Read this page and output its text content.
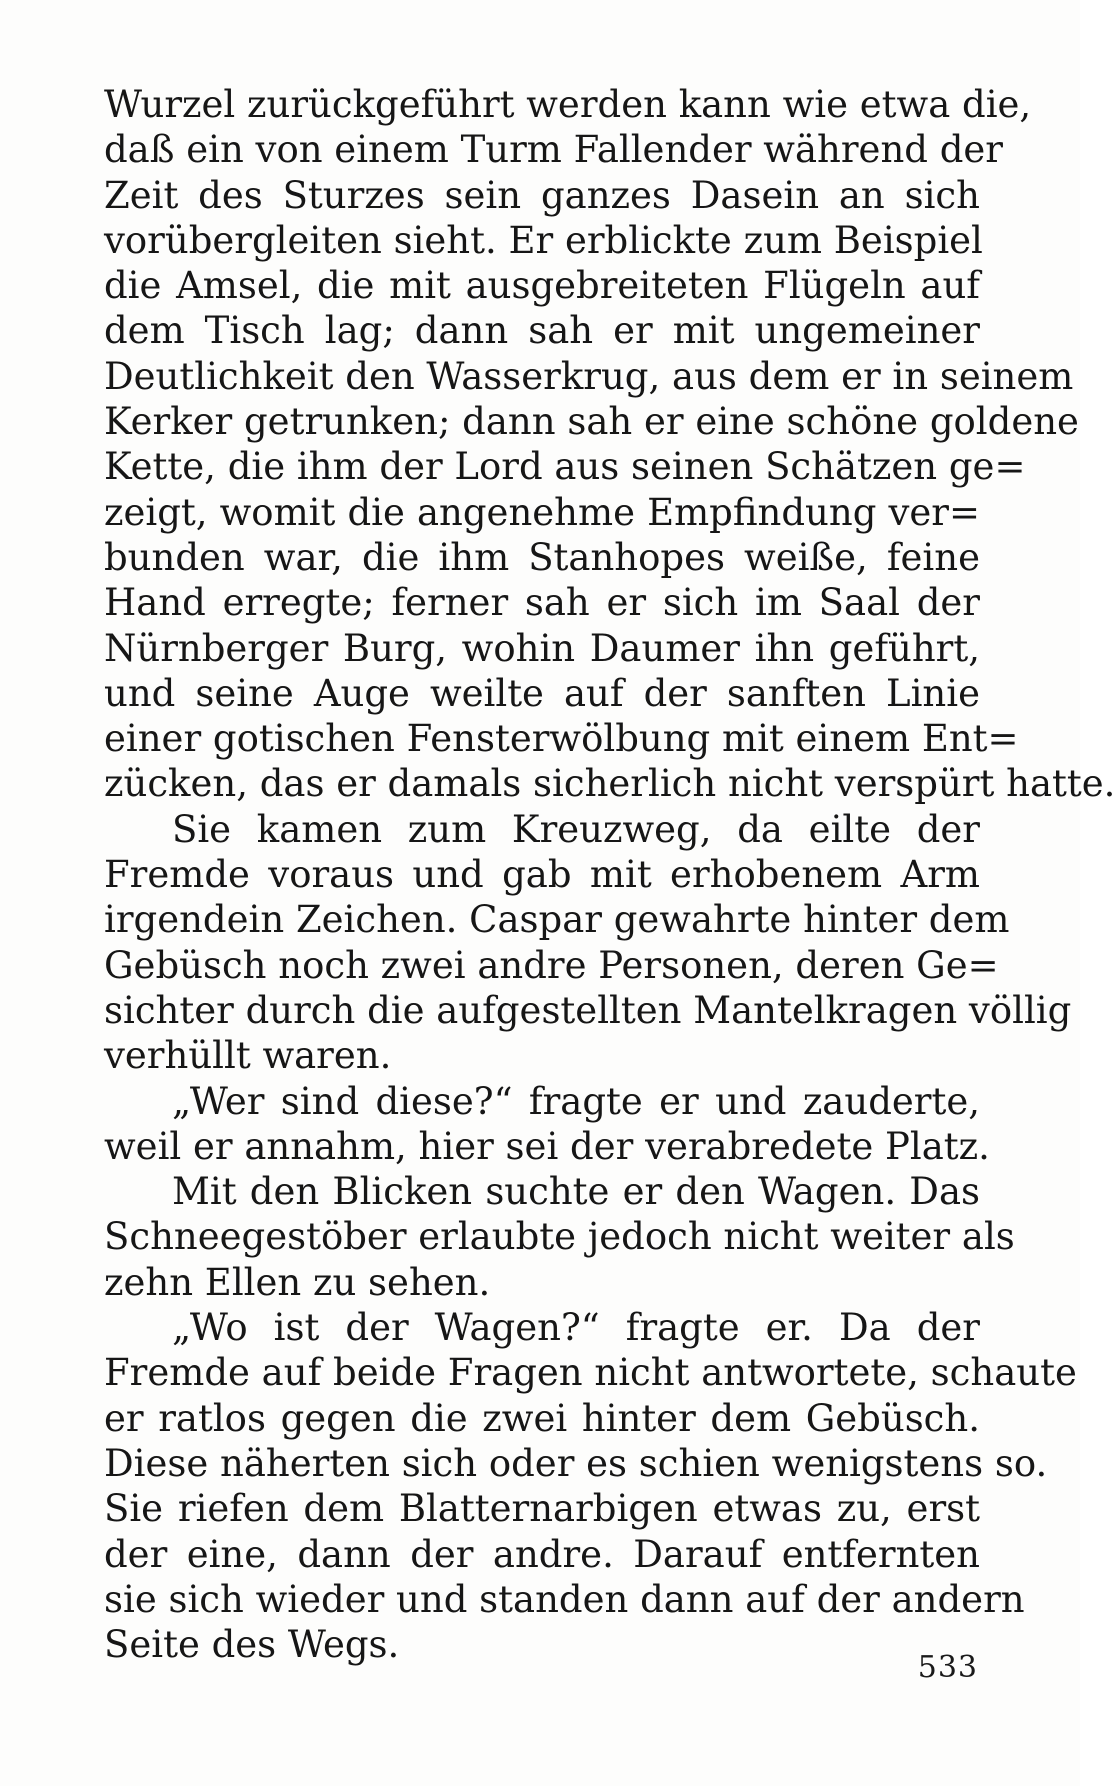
Wurzel zurückgeführt werden kann wie etwa die,
daß ein von einem Turm Fallender während der
Zeit des Sturzes sein ganzes Dasein an sich
vorübergleiten sieht. Er erblickte zum Beispiel
die Amsel, die mit ausgebreiteten Flügeln auf
dem Tisch lag; dann sah er mit ungemeiner
Deutlichkeit den Wasserkrug, aus dem er in seinem
Kerker getrunken; dann sah er eine schöne goldene
Kette, die ihm der Lord aus seinen Schätzen ge=
zeigt, womit die angenehme Empfindung ver=
bunden war, die ihm Stanhopes weiße, feine
Hand erregte; ferner sah er sich im Saal der
Nürnberger Burg, wohin Daumer ihn geführt,
und seine Auge weilte auf der sanften Linie
einer gotischen Fensterwölbung mit einem Ent=
zücken, das er damals sicherlich nicht verspürt hatte.
Sie kamen zum Kreuzweg, da eilte der
Fremde voraus und gab mit erhobenem Arm
irgendein Zeichen. Caspar gewahrte hinter dem
Gebüsch noch zwei andre Personen, deren Ge=
sichter durch die aufgestellten Mantelkragen völlig
verhüllt waren.
„Wer sind diese?“ fragte er und zauderte,
weil er annahm, hier sei der verabredete Platz.
Mit den Blicken suchte er den Wagen. Das
Schneegestöber erlaubte jedoch nicht weiter als
zehn Ellen zu sehen.
„Wo ist der Wagen?“ fragte er. Da der
Fremde auf beide Fragen nicht antwortete, schaute
er ratlos gegen die zwei hinter dem Gebüsch.
Diese näherten sich oder es schien wenigstens so.
Sie riefen dem Blatternarbigen etwas zu, erst
der eine, dann der andre. Darauf entfernten
sie sich wieder und standen dann auf der andern
Seite des Wegs.
533
